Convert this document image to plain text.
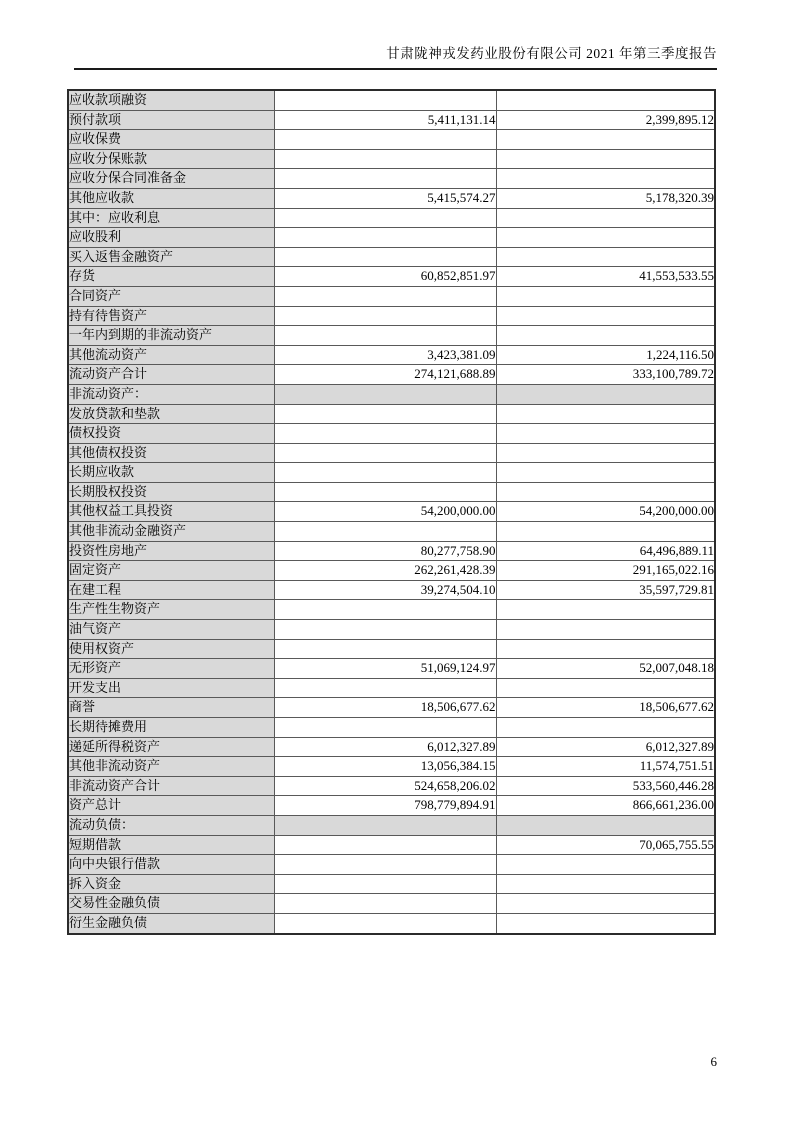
甘肃陇神戎发药业股份有限公司 2021 年第三季度报告
应收款项融资		
预付款项	5,411,131.14	2,399,895.12
应收保费		
应收分保账款		
应收分保合同准备金		
其他应收款	5,415,574.27	5,178,320.39
其中：应收利息		
应收股利		
买入返售金融资产		
存货	60,852,851.97	41,553,533.55
合同资产		
持有待售资产		
一年内到期的非流动资产		
其他流动资产	3,423,381.09	1,224,116.50
流动资产合计	274,121,688.89	333,100,789.72
非流动资产：		
发放贷款和垫款		
债权投资		
其他债权投资		
长期应收款		
长期股权投资		
其他权益工具投资	54,200,000.00	54,200,000.00
其他非流动金融资产		
投资性房地产	80,277,758.90	64,496,889.11
固定资产	262,261,428.39	291,165,022.16
在建工程	39,274,504.10	35,597,729.81
生产性生物资产		
油气资产		
使用权资产		
无形资产	51,069,124.97	52,007,048.18
开发支出		
商誉	18,506,677.62	18,506,677.62
长期待摊费用		
递延所得税资产	6,012,327.89	6,012,327.89
其他非流动资产	13,056,384.15	11,574,751.51
非流动资产合计	524,658,206.02	533,560,446.28
资产总计	798,779,894.91	866,661,236.00
流动负债：		
短期借款		70,065,755.55
向中央银行借款		
拆入资金		
交易性金融负债		
衍生金融负债		
6
